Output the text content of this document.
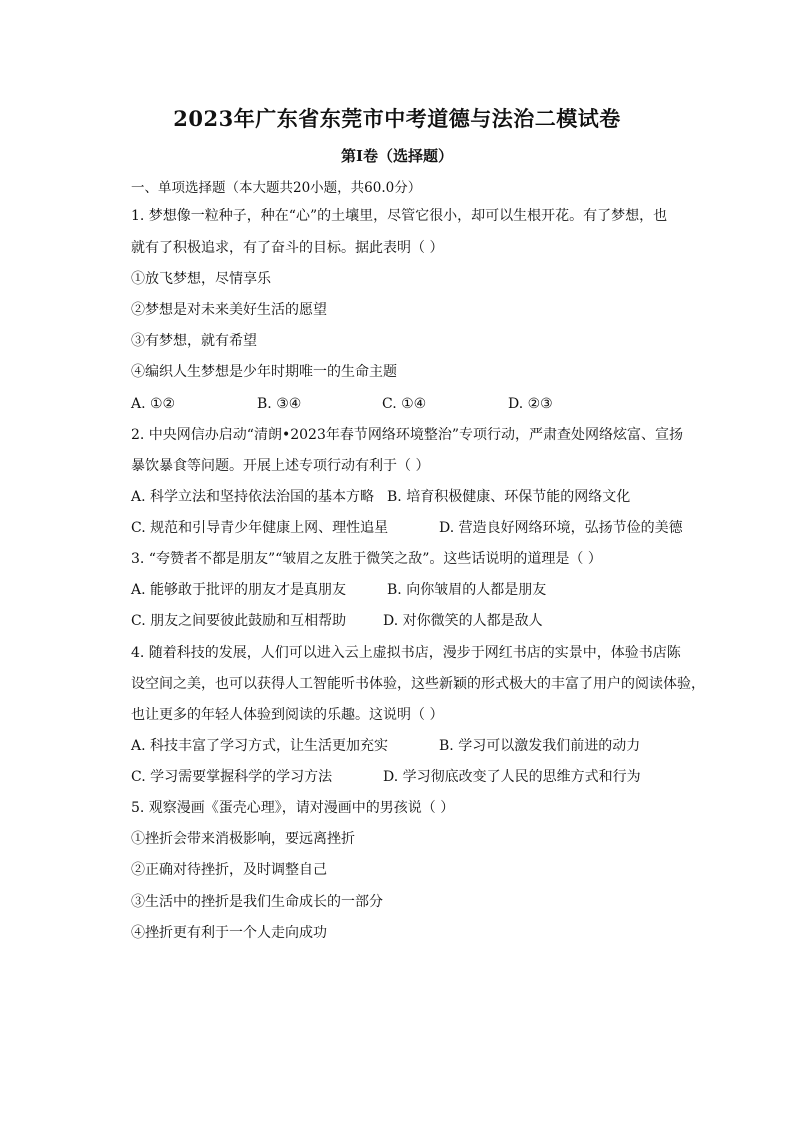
2023年广东省东莞市中考道德与法治二模试卷
第I卷（选择题）
一、单项选择题（本大题共20小题，共60.0分）
1. 梦想像一粒种子，种在“心”的土壤里，尽管它很小，却可以生根开花。有了梦想，也
就有了积极追求，有了奋斗的目标。据此表明（ ）
①放飞梦想，尽情享乐
②梦想是对未来美好生活的愿望
③有梦想，就有希望
④编织人生梦想是少年时期唯一的生命主题
A. ①②	B. ③④	C. ①④	D. ②③
2. 中央网信办启动“清朗•2023年春节网络环境整治”专项行动，严肃查处网络炫富、宣扬
暴饮暴食等问题。开展上述专项行动有利于（ ）
A. 科学立法和坚持依法治国的基本方略 B. 培育积极健康、环保节能的网络文化
C. 规范和引导青少年健康上网、理性追星	D. 营造良好网络环境，弘扬节俭的美德
3. “夸赞者不都是朋友”“皱眉之友胜于微笑之敌”。这些话说明的道理是（ ）
A. 能够敢于批评的朋友才是真朋友	B. 向你皱眉的人都是朋友
C. 朋友之间要彼此鼓励和互相帮助	D. 对你微笑的人都是敌人
4. 随着科技的发展，人们可以进入云上虚拟书店，漫步于网红书店的实景中，体验书店陈
设空间之美，也可以获得人工智能听书体验，这些新颖的形式极大的丰富了用户的阅读体验，
也让更多的年轻人体验到阅读的乐趣。这说明（ ）
A. 科技丰富了学习方式，让生活更加充实	B. 学习可以激发我们前进的动力
C. 学习需要掌握科学的学习方法	D. 学习彻底改变了人民的思维方式和行为
5. 观察漫画《蛋壳心理》，请对漫画中的男孩说（ ）
①挫折会带来消极影响，要远离挫折
②正确对待挫折，及时调整自己
③生活中的挫折是我们生命成长的一部分
④挫折更有利于一个人走向成功
